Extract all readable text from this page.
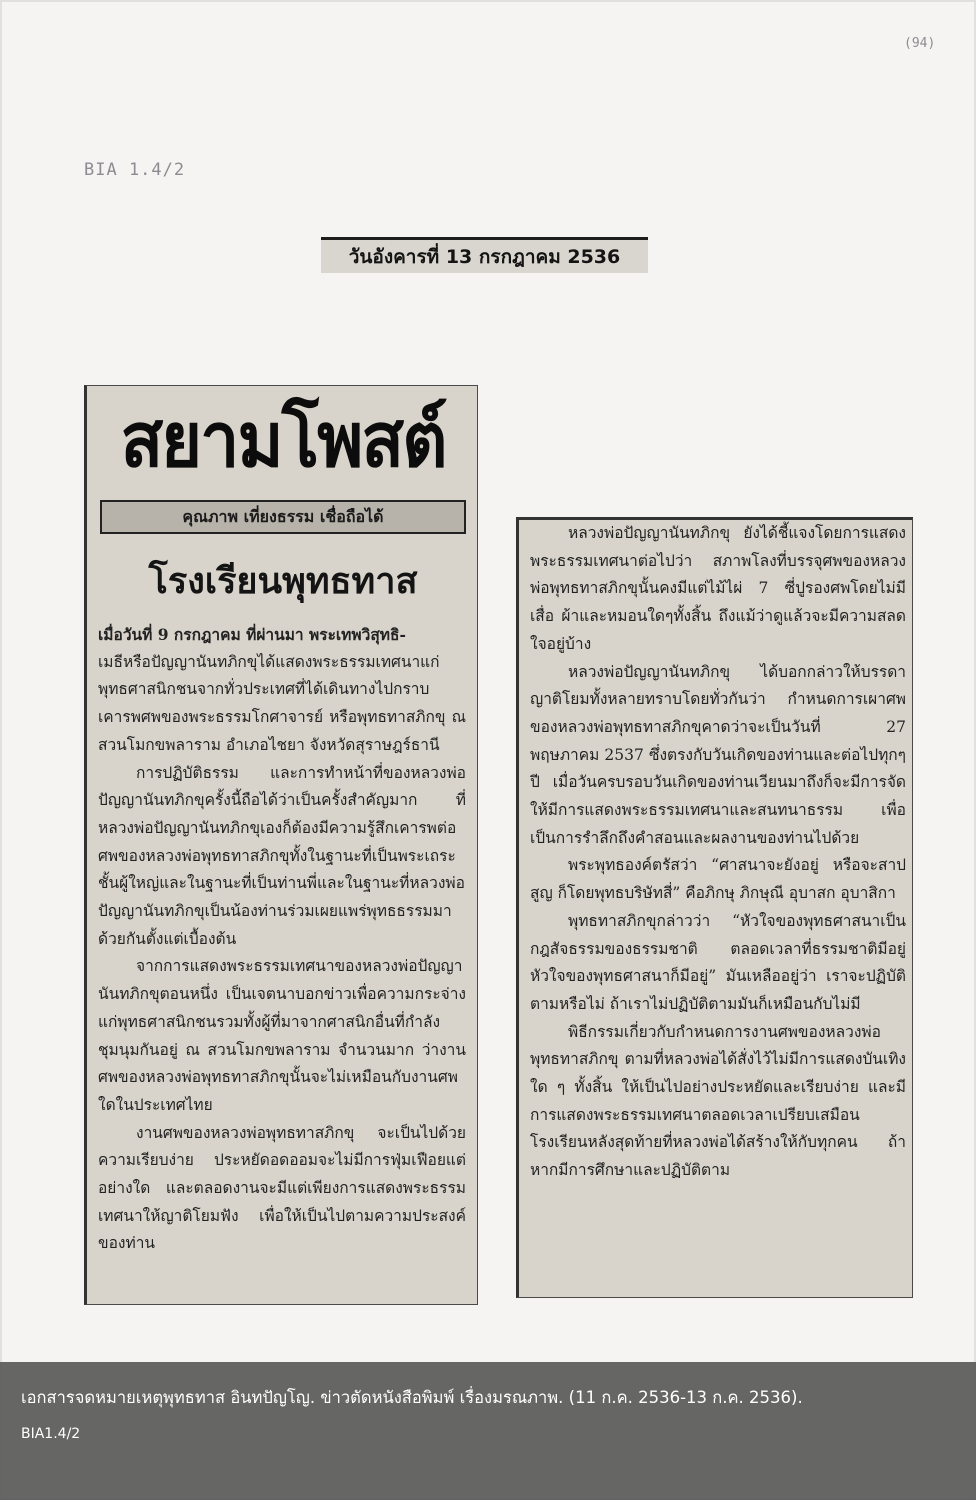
(94)
BIA 1.4/2
วันอังคารที่ 13 กรกฎาคม 2536
สยามโพสต์
คุณภาพ เที่ยงธรรม เชื่อถือได้
โรงเรียนพุทธทาส

เมื่อวันที่ 9 กรกฎาคม ที่ผ่านมา พระเทพวิสุทธิ-

เมธีหรือปัญญานันทภิกขุได้แสดงพระธรรมเทศนาแก่พุทธศาสนิกชนจากทั่วประเทศที่ได้เดินทางไปกราบเคารพศพของพระธรรมโกศาจารย์ หรือพุทธทาสภิกขุ ณ สวนโมกขพลาราม อำเภอไชยา จังหวัดสุราษฎร์ธานี

การปฏิบัติธรรม และการทำหน้าที่ของหลวงพ่อปัญญานันทภิกขุครั้งนี้ถือได้ว่าเป็นครั้งสำคัญมาก ที่หลวงพ่อปัญญานันทภิกขุเองก็ต้องมีความรู้สึกเคารพต่อศพของหลวงพ่อพุทธทาสภิกขุทั้งในฐานะที่เป็นพระเถระชั้นผู้ใหญ่และในฐานะที่เป็นท่านพี่และในฐานะที่หลวงพ่อปัญญานันทภิกขุเป็นน้องท่านร่วมเผยแพร่พุทธธรรมมาด้วยกันตั้งแต่เบื้องต้น

จากการแสดงพระธรรมเทศนาของหลวงพ่อปัญญานันทภิกขุตอนหนึ่ง เป็นเจตนาบอกข่าวเพื่อความกระจ่างแก่พุทธศาสนิกชนรวมทั้งผู้ที่มาจากศาสนิกอื่นที่กำลังชุมนุมกันอยู่ ณ สวนโมกขพลาราม จำนวนมาก ว่างานศพของหลวงพ่อพุทธทาสภิกขุนั้นจะไม่เหมือนกับงานศพใดในประเทศไทย

งานศพของหลวงพ่อพุทธทาสภิกขุ จะเป็นไปด้วยความเรียบง่าย ประหยัดอดออมจะไม่มีการฟุ่มเฟือยแต่อย่างใด และตลอดงานจะมีแต่เพียงการแสดงพระธรรมเทศนาให้ญาติโยมฟัง เพื่อให้เป็นไปตามความประสงค์ของท่าน

หลวงพ่อปัญญานันทภิกขุ ยังได้ชี้แจงโดยการแสดงพระธรรมเทศนาต่อไปว่า สภาพโลงที่บรรจุศพของหลวงพ่อพุทธทาสภิกขุนั้นคงมีแต่ไม้ไผ่ 7 ซี่ปูรองศพโดยไม่มีเสื่อ ผ้าและหมอนใดๆทั้งสิ้น ถึงแม้ว่าดูแล้วจะมีความสลดใจอยู่บ้าง

หลวงพ่อปัญญานันทภิกขุ ได้บอกกล่าวให้บรรดาญาติโยมทั้งหลายทราบโดยทั่วกันว่า กำหนดการเผาศพของหลวงพ่อพุทธทาสภิกขุคาดว่าจะเป็นวันที่ 27 พฤษภาคม 2537 ซึ่งตรงกับวันเกิดของท่านและต่อไปทุกๆปี เมื่อวันครบรอบวันเกิดของท่านเวียนมาถึงก็จะมีการจัดให้มีการแสดงพระธรรมเทศนาและสนทนาธรรม เพื่อเป็นการรำลึกถึงคำสอนและผลงานของท่านไปด้วย

พระพุทธองค์ตรัสว่า “ศาสนาจะยังอยู่ หรือจะสาปสูญ ก็โดยพุทธบริษัทสี่” คือภิกษุ ภิกษุณี อุบาสก อุบาสิกา

พุทธทาสภิกขุกล่าวว่า “หัวใจของพุทธศาสนาเป็นกฎสัจธรรมของธรรมชาติ ตลอดเวลาที่ธรรมชาติมีอยู่ หัวใจของพุทธศาสนาก็มีอยู่” มันเหลืออยู่ว่า เราจะปฏิบัติตามหรือไม่ ถ้าเราไม่ปฏิบัติตามมันก็เหมือนกับไม่มี

พิธีกรรมเกี่ยวกับกำหนดการงานศพของหลวงพ่อพุทธทาสภิกขุ ตามที่หลวงพ่อได้สั่งไว้ไม่มีการแสดงบันเทิงใด ๆ ทั้งสิ้น ให้เป็นไปอย่างประหยัดและเรียบง่าย และมีการแสดงพระธรรมเทศนาตลอดเวลาเปรียบเสมือนโรงเรียนหลังสุดท้ายที่หลวงพ่อได้สร้างให้กับทุกคน ถ้าหากมีการศึกษาและปฏิบัติตาม

เอกสารจดหมายเหตุพุทธทาส อินทปัญโญ. ข่าวตัดหนังสือพิมพ์ เรื่องมรณภาพ. (11 ก.ค. 2536-13 ก.ค. 2536).
BIA1.4/2
